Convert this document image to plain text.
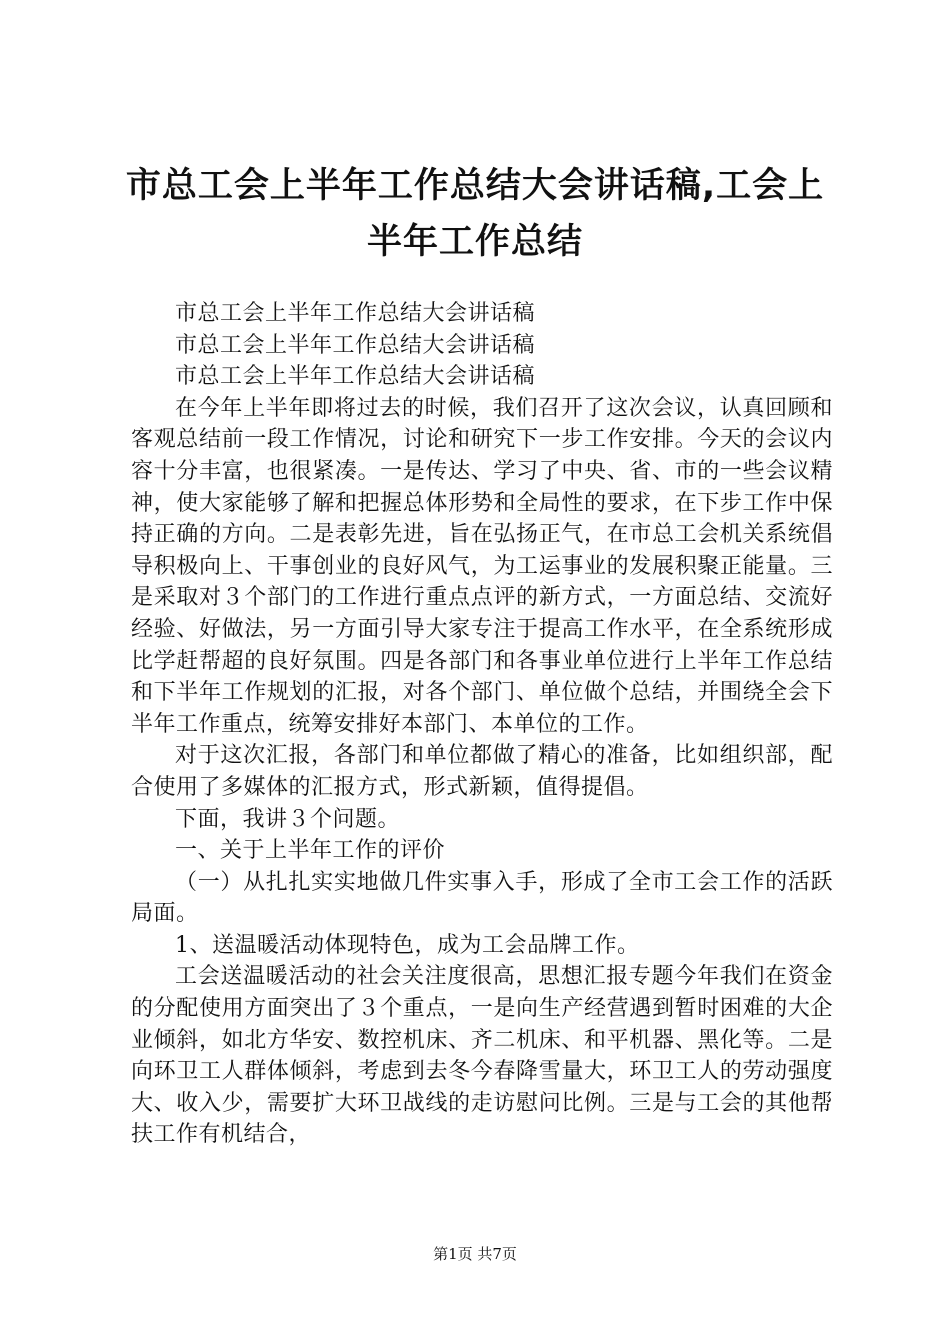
市总工会上半年工作总结大会讲话稿,工会上半年工作总结

市总工会上半年工作总结大会讲话稿

市总工会上半年工作总结大会讲话稿

市总工会上半年工作总结大会讲话稿

在今年上半年即将过去的时候，我们召开了这次会议，认真回顾和客观总结前一段工作情况，讨论和研究下一步工作安排。今天的会议内容十分丰富，也很紧凑。一是传达、学习了中央、省、市的一些会议精神，使大家能够了解和把握总体形势和全局性的要求，在下步工作中保持正确的方向。二是表彰先进，旨在弘扬正气，在市总工会机关系统倡导积极向上、干事创业的良好风气，为工运事业的发展积聚正能量。三是采取对３个部门的工作进行重点点评的新方式，一方面总结、交流好经验、好做法，另一方面引导大家专注于提高工作水平，在全系统形成比学赶帮超的良好氛围。四是各部门和各事业单位进行上半年工作总结和下半年工作规划的汇报，对各个部门、单位做个总结，并围绕全会下半年工作重点，统筹安排好本部门、本单位的工作。

对于这次汇报，各部门和单位都做了精心的准备，比如组织部，配合使用了多媒体的汇报方式，形式新颖，值得提倡。

下面，我讲３个问题。

一、关于上半年工作的评价

（一）从扎扎实实地做几件实事入手，形成了全市工会工作的活跃局面。

1、送温暖活动体现特色，成为工会品牌工作。

工会送温暖活动的社会关注度很高，思想汇报专题今年我们在资金的分配使用方面突出了３个重点，一是向生产经营遇到暂时困难的大企业倾斜，如北方华安、数控机床、齐二机床、和平机器、黑化等。二是向环卫工人群体倾斜，考虑到去冬今春降雪量大，环卫工人的劳动强度大、收入少，需要扩大环卫战线的走访慰问比例。三是与工会的其他帮扶工作有机结合，

第1页 共7页
